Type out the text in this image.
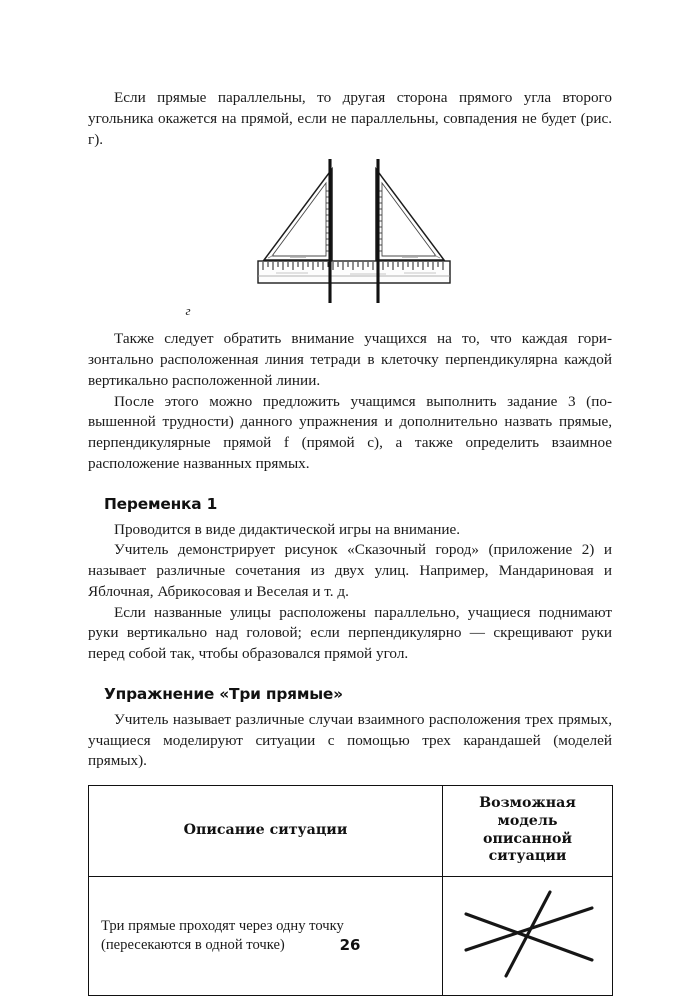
Если прямые параллельны, то другая сторона прямого угла второго угольника окажется на прямой, если не параллельны, совпадения не будет (рис. г).

г

Также следует обратить внимание учащихся на то, что каждая горизонтально расположенная линия тетради в клеточку перпендикулярна каждой вертикально расположенной линии.

После этого можно предложить учащимся выполнить задание 3 (повышенной трудности) данного упражнения и дополнительно назвать прямые, перпендикулярные прямой f (прямой c), а также определить взаимное расположение названных прямых.

Переменка 1

Проводится в виде дидактической игры на внимание.

Учитель демонстрирует рисунок «Сказочный город» (приложение 2) и называет различные сочетания из двух улиц. Например, Мандариновая и Яблочная, Абрикосовая и Веселая и т. д.

Если названные улицы расположены параллельно, учащиеся поднимают руки вертикально над головой; если перпендикулярно — скрещивают руки перед собой так, чтобы образовался прямой угол.

Упражнение «Три прямые»

Учитель называет различные случаи взаимного расположения трех прямых, учащиеся моделируют ситуации с помощью трех карандашей (моделей прямых).

Описание ситуации	Возможная модель
описанной ситуации

Три прямые проходят через одну точку
(пересекаются в одной точке)
		26
